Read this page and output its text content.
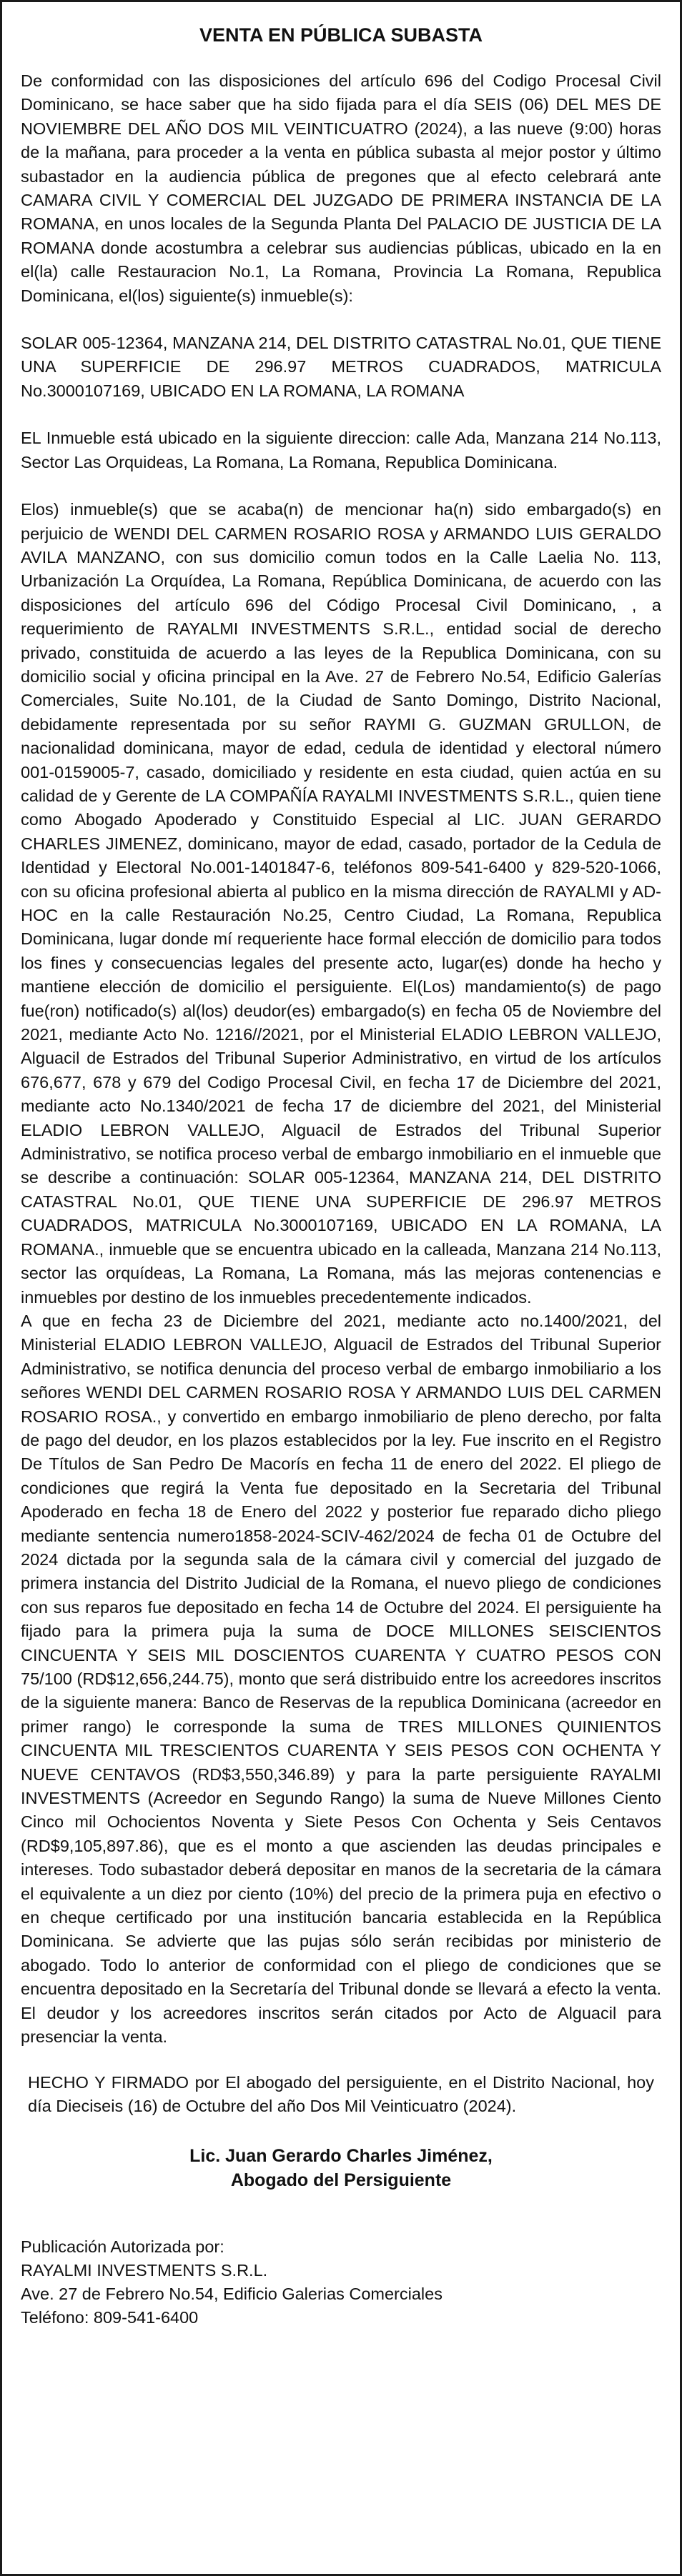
VENTA EN PÚBLICA SUBASTA
De conformidad con las disposiciones del artículo 696 del Codigo Procesal Civil Dominicano, se hace saber que ha sido fijada para el día SEIS (06) DEL MES DE NOVIEMBRE DEL AÑO DOS MIL VEINTICUATRO (2024), a las nueve (9:00) horas de la mañana, para proceder a la venta en pública subasta al mejor postor y último subastador en la audiencia pública de pregones que al efecto celebrará ante CAMARA CIVIL Y COMERCIAL DEL JUZGADO DE PRIMERA INSTANCIA DE LA ROMANA, en unos locales de la Segunda Planta Del PALACIO DE JUSTICIA DE LA ROMANA donde acostumbra a celebrar sus audiencias públicas, ubicado en la en el(la) calle Restauracion No.1, La Romana, Provincia La Romana, Republica Dominicana, el(los) siguiente(s) inmueble(s):
SOLAR 005-12364, MANZANA 214, DEL DISTRITO CATASTRAL No.01, QUE TIENE UNA SUPERFICIE DE 296.97 METROS CUADRADOS, MATRICULA No.3000107169, UBICADO EN LA ROMANA, LA ROMANA
EL Inmueble está ubicado en la siguiente direccion: calle Ada, Manzana 214 No.113, Sector Las Orquideas, La Romana, La Romana, Republica Dominicana.
Elos) inmueble(s) que se acaba(n) de mencionar ha(n) sido embargado(s) en perjuicio de WENDI DEL CARMEN ROSARIO ROSA y ARMANDO LUIS GERALDO AVILA MANZANO, con sus domicilio comun todos en la Calle Laelia No. 113, Urbanización La Orquídea, La Romana, República Dominicana, de acuerdo con las disposiciones del artículo 696 del Código Procesal Civil Dominicano, , a requerimiento de RAYALMI INVESTMENTS S.R.L., entidad social de derecho privado, constituida de acuerdo a las leyes de la Republica Dominicana, con su domicilio social y oficina principal en la Ave. 27 de Febrero No.54, Edificio Galerías Comerciales, Suite No.101, de la Ciudad de Santo Domingo, Distrito Nacional, debidamente representada por su señor RAYMI G. GUZMAN GRULLON, de nacionalidad dominicana, mayor de edad, cedula de identidad y electoral número 001-0159005-7, casado, domiciliado y residente en esta ciudad, quien actúa en su calidad de y Gerente de LA COMPAÑÍA RAYALMI INVESTMENTS S.R.L., quien tiene como Abogado Apoderado y Constituido Especial al LIC. JUAN GERARDO CHARLES JIMENEZ, dominicano, mayor de edad, casado, portador de la Cedula de Identidad y Electoral No.001-1401847-6, teléfonos 809-541-6400 y 829-520-1066, con su oficina profesional abierta al publico en la misma dirección de RAYALMI y AD-HOC en la calle Restauración No.25, Centro Ciudad, La Romana, Republica Dominicana, lugar donde mí requeriente hace formal elección de domicilio para todos los fines y consecuencias legales del presente acto, lugar(es) donde ha hecho y mantiene elección de domicilio el persiguiente. El(Los) mandamiento(s) de pago fue(ron) notificado(s) al(los) deudor(es) embargado(s) en fecha 05 de Noviembre del 2021, mediante Acto No. 1216//2021, por el Ministerial ELADIO LEBRON VALLEJO, Alguacil de Estrados del Tribunal Superior Administrativo, en virtud de los artículos 676,677, 678 y 679 del Codigo Procesal Civil, en fecha 17 de Diciembre del 2021, mediante acto No.1340/2021 de fecha 17 de diciembre del 2021, del Ministerial ELADIO LEBRON VALLEJO, Alguacil de Estrados del Tribunal Superior Administrativo, se notifica proceso verbal de embargo inmobiliario en el inmueble que se describe a continuación: SOLAR 005-12364, MANZANA 214, DEL DISTRITO CATASTRAL No.01, QUE TIENE UNA SUPERFICIE DE 296.97 METROS CUADRADOS, MATRICULA No.3000107169, UBICADO EN LA ROMANA, LA ROMANA., inmueble que se encuentra ubicado en la calleada, Manzana 214 No.113, sector las orquídeas, La Romana, La Romana, más las mejoras contenencias e inmuebles por destino de los inmuebles precedentemente indicados.
A que en fecha 23 de Diciembre del 2021, mediante acto no.1400/2021, del Ministerial ELADIO LEBRON VALLEJO, Alguacil de Estrados del Tribunal Superior Administrativo, se notifica denuncia del proceso verbal de embargo inmobiliario a los señores WENDI DEL CARMEN ROSARIO ROSA Y ARMANDO LUIS DEL CARMEN ROSARIO ROSA., y convertido en embargo inmobiliario de pleno derecho, por falta de pago del deudor, en los plazos establecidos por la ley. Fue inscrito en el Registro De Títulos de San Pedro De Macorís en fecha 11 de enero del 2022. El pliego de condiciones que regirá la Venta fue depositado en la Secretaria del Tribunal Apoderado en fecha 18 de Enero del 2022 y posterior fue reparado dicho pliego mediante sentencia numero1858-2024-SCIV-462/2024 de fecha 01 de Octubre del 2024 dictada por la segunda sala de la cámara civil y comercial del juzgado de primera instancia del Distrito Judicial de la Romana, el nuevo pliego de condiciones con sus reparos fue depositado en fecha 14 de Octubre del 2024. El persiguiente ha fijado para la primera puja la suma de DOCE MILLONES SEISCIENTOS CINCUENTA Y SEIS MIL DOSCIENTOS CUARENTA Y CUATRO PESOS CON 75/100 (RD$12,656,244.75), monto que será distribuido entre los acreedores inscritos de la siguiente manera: Banco de Reservas de la republica Dominicana (acreedor en primer rango) le corresponde la suma de TRES MILLONES QUINIENTOS CINCUENTA MIL TRESCIENTOS CUARENTA Y SEIS PESOS CON OCHENTA Y NUEVE CENTAVOS (RD$3,550,346.89) y para la parte persiguiente RAYALMI INVESTMENTS (Acreedor en Segundo Rango) la suma de Nueve Millones Ciento Cinco mil Ochocientos Noventa y Siete Pesos Con Ochenta y Seis Centavos (RD$9,105,897.86), que es el monto a que ascienden las deudas principales e intereses. Todo subastador deberá depositar en manos de la secretaria de la cámara el equivalente a un diez por ciento (10%) del precio de la primera puja en efectivo o en cheque certificado por una institución bancaria establecida en la República Dominicana. Se advierte que las pujas sólo serán recibidas por ministerio de abogado. Todo lo anterior de conformidad con el pliego de condiciones que se encuentra depositado en la Secretaría del Tribunal donde se llevará a efecto la venta. El deudor y los acreedores inscritos serán citados por Acto de Alguacil para presenciar la venta.
HECHO Y FIRMADO por El abogado del persiguiente, en el Distrito Nacional, hoy día Dieciseis (16) de Octubre del año Dos Mil Veinticuatro (2024).
Lic. Juan Gerardo Charles Jiménez,
Abogado del Persiguiente
Publicación Autorizada por:
RAYALMI INVESTMENTS S.R.L.
Ave. 27 de Febrero No.54, Edificio Galerias Comerciales
Teléfono: 809-541-6400
